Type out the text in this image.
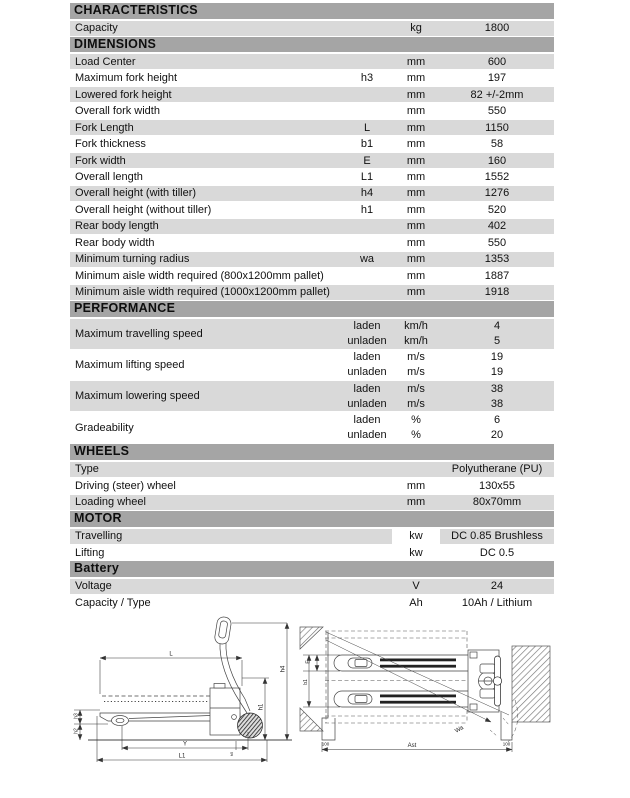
CHARACTERISTICS
Capacity	kg	1800
DIMENSIONS
Load Center	mm	600
Maximum fork height	h3	mm	197
Lowered fork height	mm	82 +/-2mm
Overall fork width	mm	550
Fork Length	L	mm	1150
Fork thickness	b1	mm	58
Fork width	E	mm	160
Overall length	L1	mm	1552
Overall height (with tiller)	h4	mm	1276
Overall height (without tiller)	h1	mm	520
Rear body length	mm	402
Rear body width	mm	550
Minimum turning radius	wa	mm	1353
Minimum aisle width required (800x1200mm pallet)	mm	1887
Minimum aisle width required (1000x1200mm pallet)	mm	1918
PERFORMANCE
Maximum travelling speed
laden	km/h	4
unladen	km/h	5
Maximum lifting speed
laden	m/s	19
unladen	m/s	19
Maximum lowering speed
laden	m/s	38
unladen	m/s	38
Gradeability
laden	%	6
unladen	%	20
WHEELS
Type	Polyutherane (PU)
Driving (steer) wheel	mm	130x55
Loading wheel	mm	80x70mm
MOTOR
Travelling	kw	DC 0.85 Brushless
Lifting	kw	DC 0.5
Battery
Voltage	V	24
Capacity / Type	Ah	10Ah / Lithium
L
h4
h1
h3
h2
Y
L1	h5
E
b1
Wa
Ast
100	100
